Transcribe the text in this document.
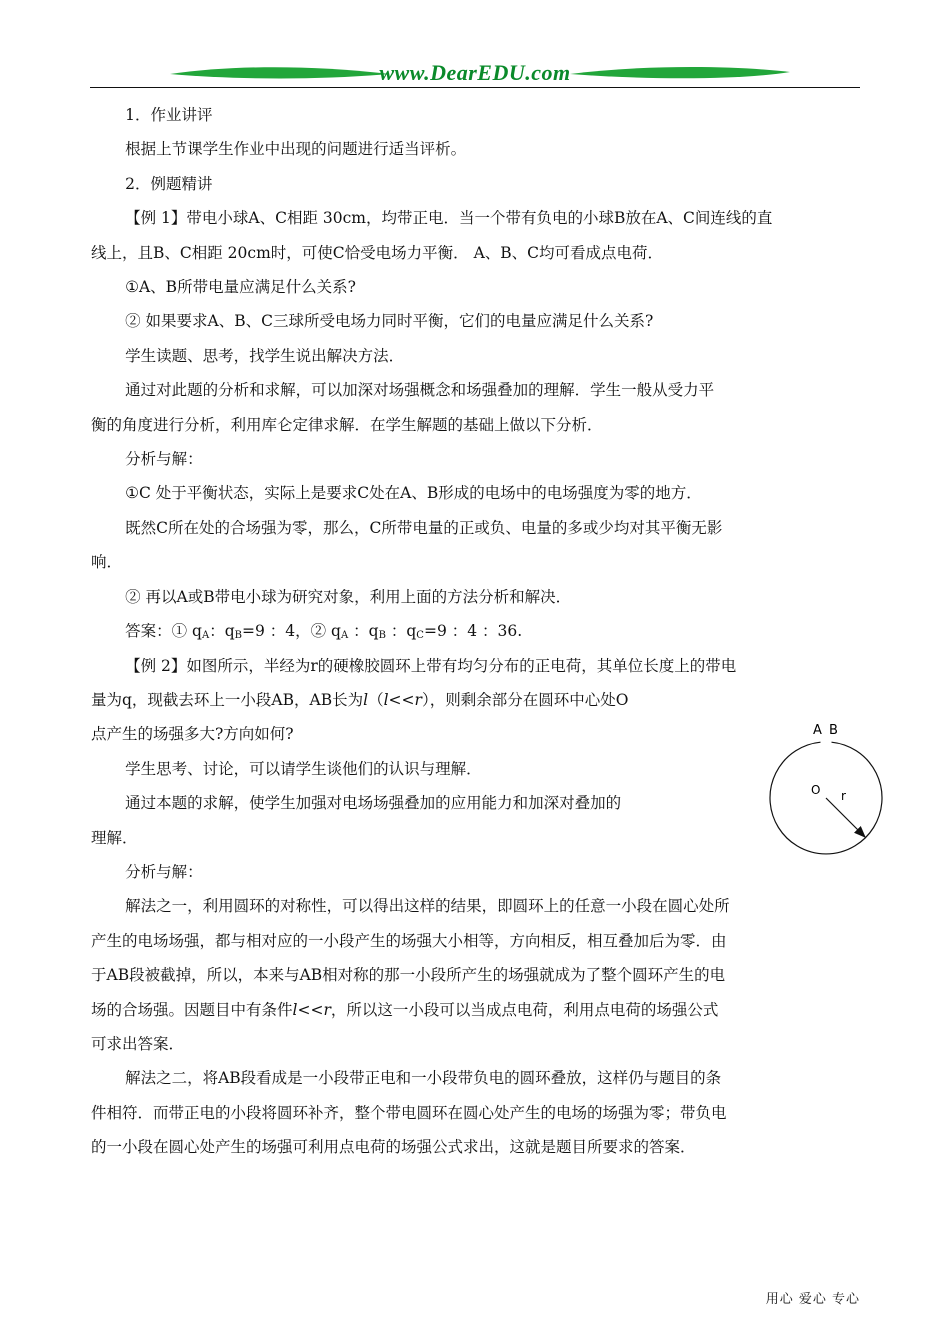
www.DearEDU.com

1．作业讲评

根据上节课学生作业中出现的问题进行适当评析。

2．例题精讲

【例 1】带电小球A、C相距 30cm，均带正电．当一个带有负电的小球B放在A、C间连线的直

线上，且B、C相距 20cm时，可使C恰受电场力平衡． A、B、C均可看成点电荷．

①A、B所带电量应满足什么关系?

② 如果要求A、B、C三球所受电场力同时平衡，它们的电量应满足什么关系?

学生读题、思考，找学生说出解决方法．

通过对此题的分析和求解，可以加深对场强概念和场强叠加的理解．学生一般从受力平

衡的角度进行分析，利用库仑定律求解．在学生解题的基础上做以下分析．

分析与解：

①C 处于平衡状态，实际上是要求C处在A、B形成的电场中的电场强度为零的地方．

既然C所在处的合场强为零，那么，C所带电量的正或负、电量的多或少均对其平衡无影

响．

② 再以A或B带电小球为研究对象，利用上面的方法分析和解决．

答案：① $q_A$：$q_B=9$ ：4，② $q_A$ ：$q_B$ ：$q_C=9$ ：4 ：36.

【例 2】如图所示，半经为r的硬橡胶圆环上带有均匀分布的正电荷，其单位长度上的带电

量为q，现截去环上一小段AB，AB长为l（l<<r），则剩余部分在圆环中心处O

点产生的场强多大?方向如何?

学生思考、讨论，可以请学生谈他们的认识与理解．

通过本题的求解，使学生加强对电场场强叠加的应用能力和加深对叠加的

理解．

分析与解：

解法之一，利用圆环的对称性，可以得出这样的结果，即圆环上的任意一小段在圆心处所

产生的电场场强，都与相对应的一小段产生的场强大小相等，方向相反，相互叠加后为零．由

于AB段被截掉，所以，本来与AB相对称的那一小段所产生的场强就成为了整个圆环产生的电

场的合场强。因题目中有条件l<<r，所以这一小段可以当成点电荷，利用点电荷的场强公式

可求出答案．

解法之二，将AB段看成是一小段带正电和一小段带负电的圆环叠放，这样仍与题目的条

件相符．而带正电的小段将圆环补齐，整个带电圆环在圆心处产生的电场的场强为零；带负电

的一小段在圆心处产生的场强可利用点电荷的场强公式求出，这就是题目所要求的答案．

A B
O r
用心 爱心 专心
